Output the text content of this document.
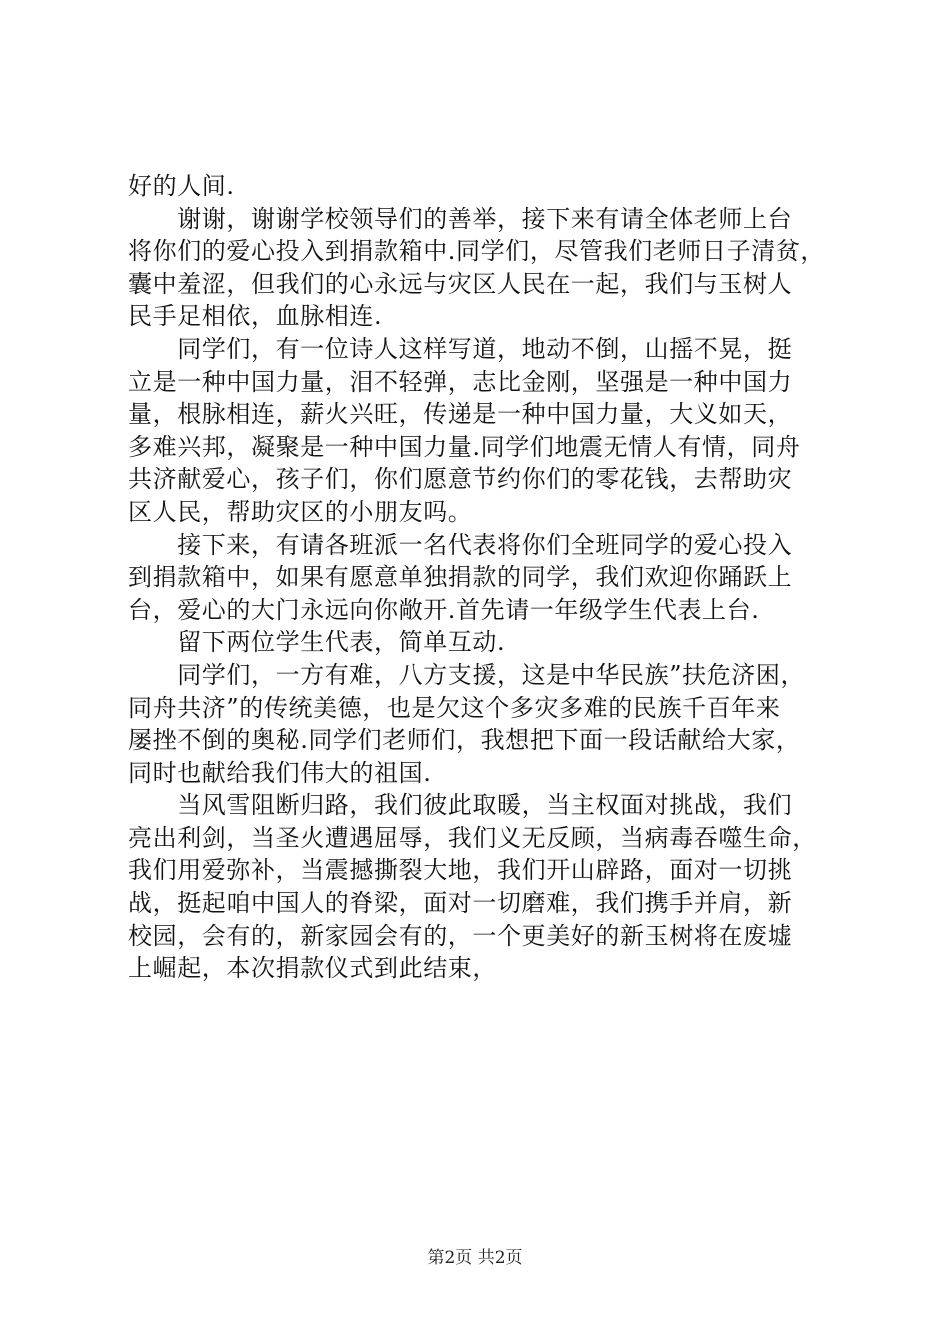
好的人间.
　　谢谢，谢谢学校领导们的善举，接下来有请全体老师上台
将你们的爱心投入到捐款箱中.同学们，尽管我们老师日子清贫，
囊中羞涩，但我们的心永远与灾区人民在一起，我们与玉树人
民手足相依，血脉相连.
　　同学们，有一位诗人这样写道，地动不倒，山摇不晃，挺
立是一种中国力量，泪不轻弹，志比金刚，坚强是一种中国力
量，根脉相连，薪火兴旺，传递是一种中国力量，大义如天，
多难兴邦，凝聚是一种中国力量.同学们地震无情人有情，同舟
共济献爱心，孩子们，你们愿意节约你们的零花钱，去帮助灾
区人民，帮助灾区的小朋友吗。
　　接下来，有请各班派一名代表将你们全班同学的爱心投入
到捐款箱中，如果有愿意单独捐款的同学，我们欢迎你踊跃上
台，爱心的大门永远向你敞开.首先请一年级学生代表上台.
　　留下两位学生代表，简单互动.
　　同学们，一方有难，八方支援，这是中华民族”扶危济困，
同舟共济”的传统美德，也是欠这个多灾多难的民族千百年来
屡挫不倒的奥秘.同学们老师们，我想把下面一段话献给大家，
同时也献给我们伟大的祖国.
　　当风雪阻断归路，我们彼此取暖，当主权面对挑战，我们
亮出利剑，当圣火遭遇屈辱，我们义无反顾，当病毒吞噬生命，
我们用爱弥补，当震撼撕裂大地，我们开山辟路，面对一切挑
战，挺起咱中国人的脊梁，面对一切磨难，我们携手并肩，新
校园，会有的，新家园会有的，一个更美好的新玉树将在废墟
上崛起，本次捐款仪式到此结束，
第2页 共2页
